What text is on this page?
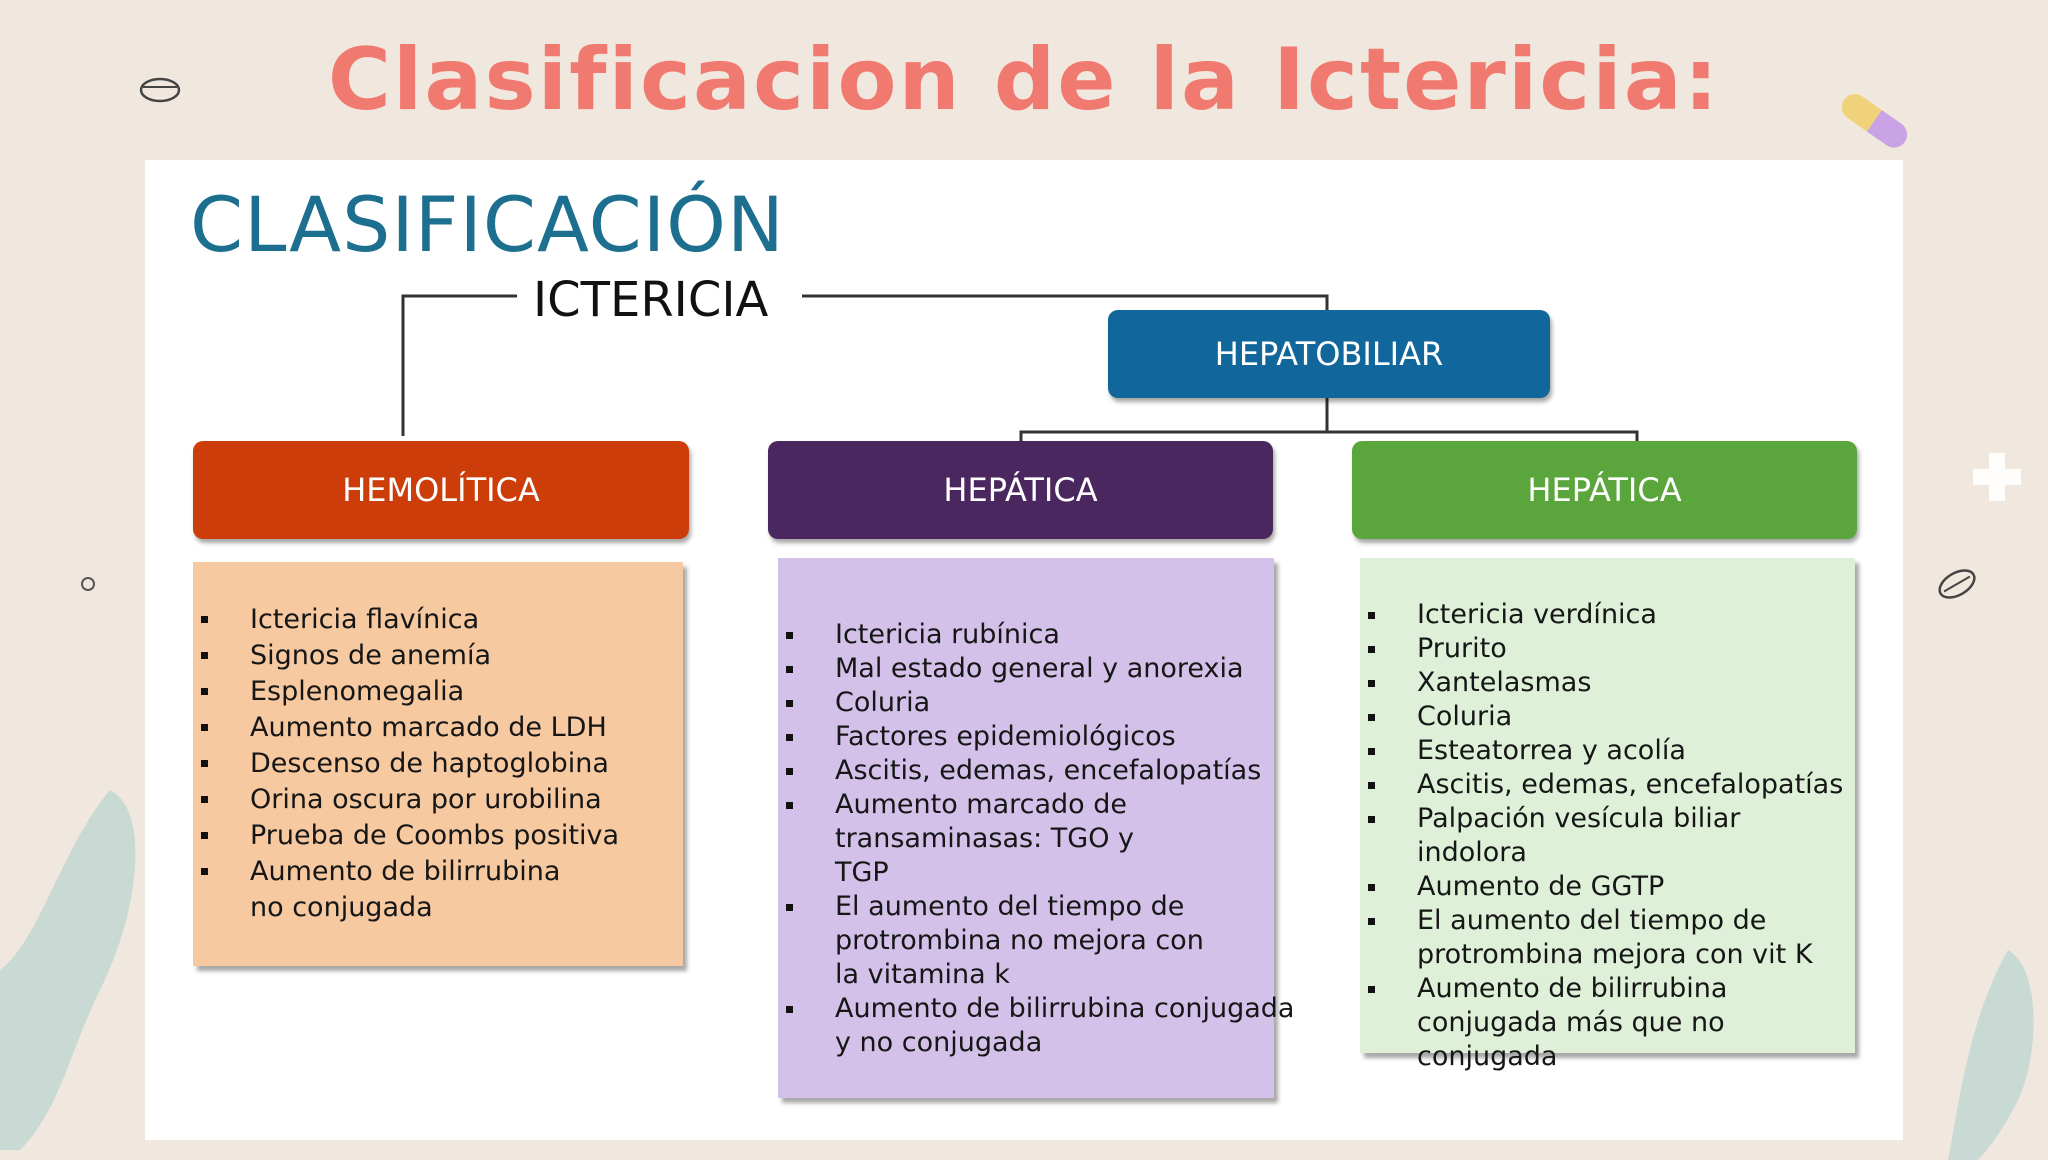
Clasificacion de la Ictericia:
CLASIFICACIÓN
ICTERICIA
HEPATOBILIAR
HEMOLÍTICA	HEPÁTICA	HEPÁTICA
Ictericia flavínica
Signos de anemía
Esplenomegalia
Aumento marcado de LDH
Descenso de haptoglobina
Orina oscura por urobilina
Prueba de Coombs positiva
Aumento de bilirrubina no conjugada
Ictericia rubínica
Mal estado general y anorexia
Coluria
Factores epidemiológicos
Ascitis, edemas, encefalopatías
Aumento marcado de transaminasas: TGO y TGP
El aumento del tiempo de protrombina no mejora con la vitamina k
Aumento de bilirrubina conjugada y no conjugada
Ictericia verdínica
Prurito
Xantelasmas
Coluria
Esteatorrea y acolía
Ascitis, edemas, encefalopatías
Palpación vesícula biliar indolora
Aumento de GGTP
El aumento del tiempo de protrombina mejora con vit K
Aumento de bilirrubina conjugada más que no conjugada
